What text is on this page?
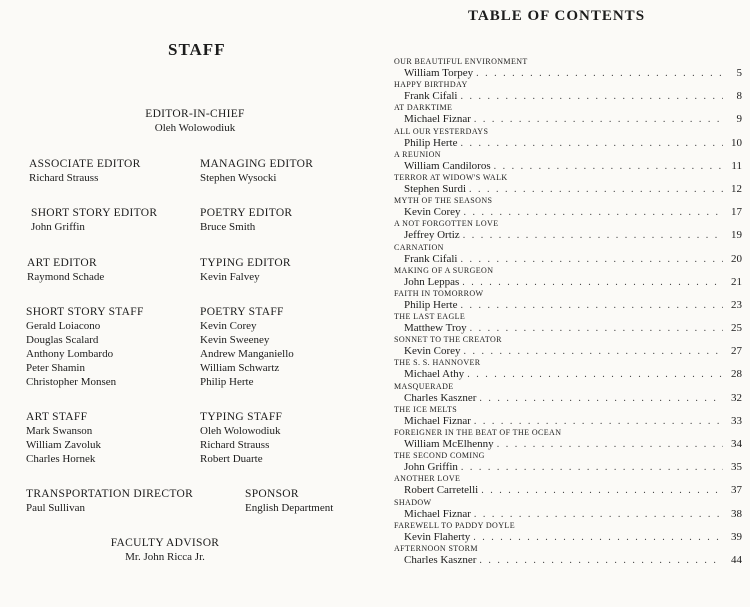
STAFF
EDITOR-IN-CHIEF
Oleh Wolowodiuk
ASSOCIATE EDITOR
Richard Strauss
MANAGING EDITOR
Stephen Wysocki
SHORT STORY EDITOR
John Griffin
POETRY EDITOR
Bruce Smith
ART EDITOR
Raymond Schade
TYPING EDITOR
Kevin Falvey
SHORT STORY STAFF
Gerald Loiacono
Douglas Scalard
Anthony Lombardo
Peter Shamin
Christopher Monsen
POETRY STAFF
Kevin Corey
Kevin Sweeney
Andrew Manganiello
William Schwartz
Philip Herte
ART STAFF
Mark Swanson
William Zavoluk
Charles Hornek
TYPING STAFF
Oleh Wolowodiuk
Richard Strauss
Robert Duarte
TRANSPORTATION DIRECTOR
Paul Sullivan
SPONSOR
English Department
FACULTY ADVISOR
Mr. John Ricca Jr.
TABLE OF CONTENTS
OUR BEAUTIFUL ENVIRONMENT
William Torpey . . .	5
HAPPY BIRTHDAY
Frank Cifali . . .	8
AT DARKTIME
Michael Fiznar . . .	9
ALL OUR YESTERDAYS
Philip Herte . . .	10
A REUNION
William Candiloros . . .	11
TERROR AT WIDOW'S WALK
Stephen Surdi . . .	12
MYTH OF THE SEASONS
Kevin Corey . . .	17
A NOT FORGOTTEN LOVE
Jeffrey Ortiz . . .	19
CARNATION
Frank Cifali . . .	20
MAKING OF A SURGEON
John Leppas . . .	21
FAITH IN TOMORROW
Philip Herte . . .	23
THE LAST EAGLE
Matthew Troy . . .	25
SONNET TO THE CREATOR
Kevin Corey . . .	27
THE S. S. HANNOVER
Michael Athy . . .	28
MASQUERADE
Charles Kaszner . . .	32
THE ICE MELTS
Michael Fiznar . . .	33
FOREIGNER IN THE BEAT OF THE OCEAN
William McElhenny . . .	34
THE SECOND COMING
John Griffin . . .	35
ANOTHER LOVE
Robert Carretelli . . .	37
SHADOW
Michael Fiznar . . .	38
FAREWELL TO PADDY DOYLE
Kevin Flaherty . . .	39
AFTERNOON STORM
Charles Kaszner . . .	44
